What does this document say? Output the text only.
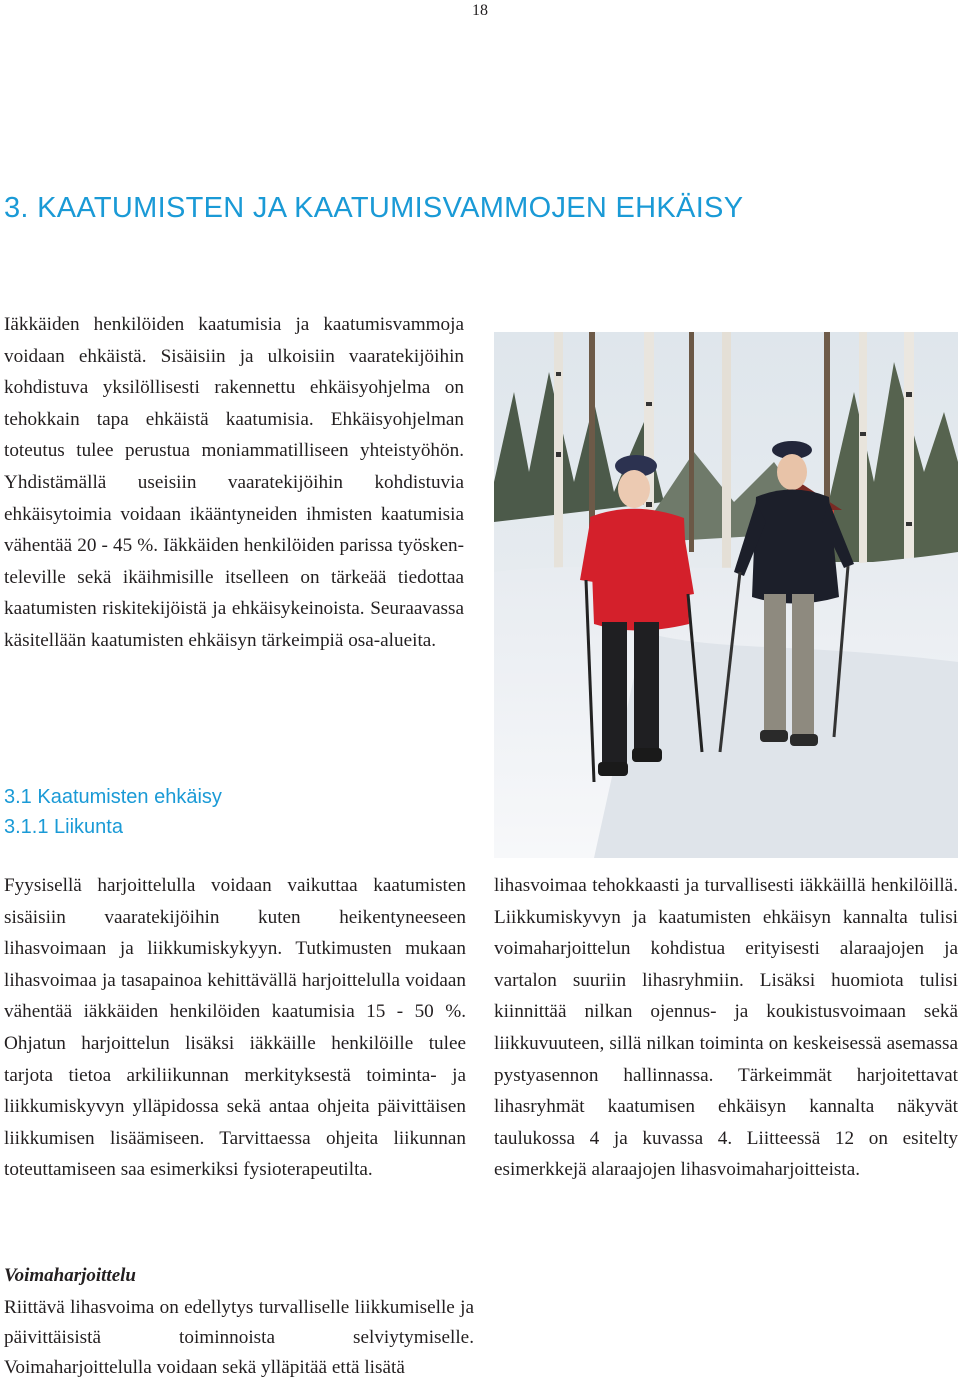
18
3. KAATUMISTEN JA KAATUMISVAMMOJEN EHKÄISY

Iäkkäiden henkilöiden kaatumisia ja kaatumisvammoja voidaan ehkäistä. Sisäisiin ja ulkoisiin vaaratekijöihin kohdistuva yksilöllisesti rakennettu ehkäisyohjelma on tehokkain tapa ehkäistä kaatumisia. Ehkäisyohjelman toteutus tulee perustua moniammatilliseen yhteistyöhön. Yhdistämällä useisiin vaaratekijöihin kohdistuvia ehkäisytoimia voidaan ikääntyneiden ihmisten kaatumisia vähentää 20 - 45 %. Iäkkäiden henkilöiden parissa työskenteleville sekä ikäihmisille itselleen on tärkeää tiedottaa kaatumisten riskitekijöistä ja ehkäisykeinoista. Seuraavassa käsitellään kaatumisten ehkäisyn tärkeimpiä osa-alueita.

3.1 Kaatumisten ehkäisy
3.1.1 Liikunta

Fyysisellä harjoittelulla voidaan vaikuttaa kaatumisten sisäisiin vaaratekijöihin kuten heikentyneeseen lihasvoimaan ja liikkumiskykyyn. Tutkimusten mukaan lihasvoimaa ja tasapainoa kehittävällä harjoittelulla voidaan vähentää iäkkäiden henkilöiden kaatumisia 15 - 50 %. Ohjatun harjoittelun lisäksi iäkkäille henkilöille tulee tarjota tietoa arkiliikunnan merkityksestä toiminta- ja liikkumiskyvyn ylläpidossa sekä antaa ohjeita päivittäisen liikkumisen lisäämiseen. Tarvittaessa ohjeita liikunnan toteuttamiseen saa esimerkiksi fysioterapeutilta.

lihasvoimaa tehokkaasti ja turvallisesti iäkkäillä henkilöillä. Liikkumiskyvyn ja kaatumisten ehkäisyn kannalta tulisi voimaharjoittelun kohdistua erityisesti alaraajojen ja vartalon suuriin lihasryhmiin. Lisäksi huomiota tulisi kiinnittää nilkan ojennus- ja koukistusvoimaan sekä liikkuvuuteen, sillä nilkan toiminta on keskeisessä asemassa pystyasennon hallinnassa. Tärkeimmät harjoitettavat lihasryhmät kaatumisen ehkäisyn kannalta näkyvät taulukossa 4 ja kuvassa 4. Liitteessä 12 on esitelty esimerkkejä alaraajojen lihasvoimaharjoitteista.

Voimaharjoittelu

Riittävä lihasvoima on edellytys turvalliselle liikkumiselle ja päivittäisistä toiminnoista selviytymiselle. Voimaharjoittelulla voidaan sekä ylläpitää että lisätä
